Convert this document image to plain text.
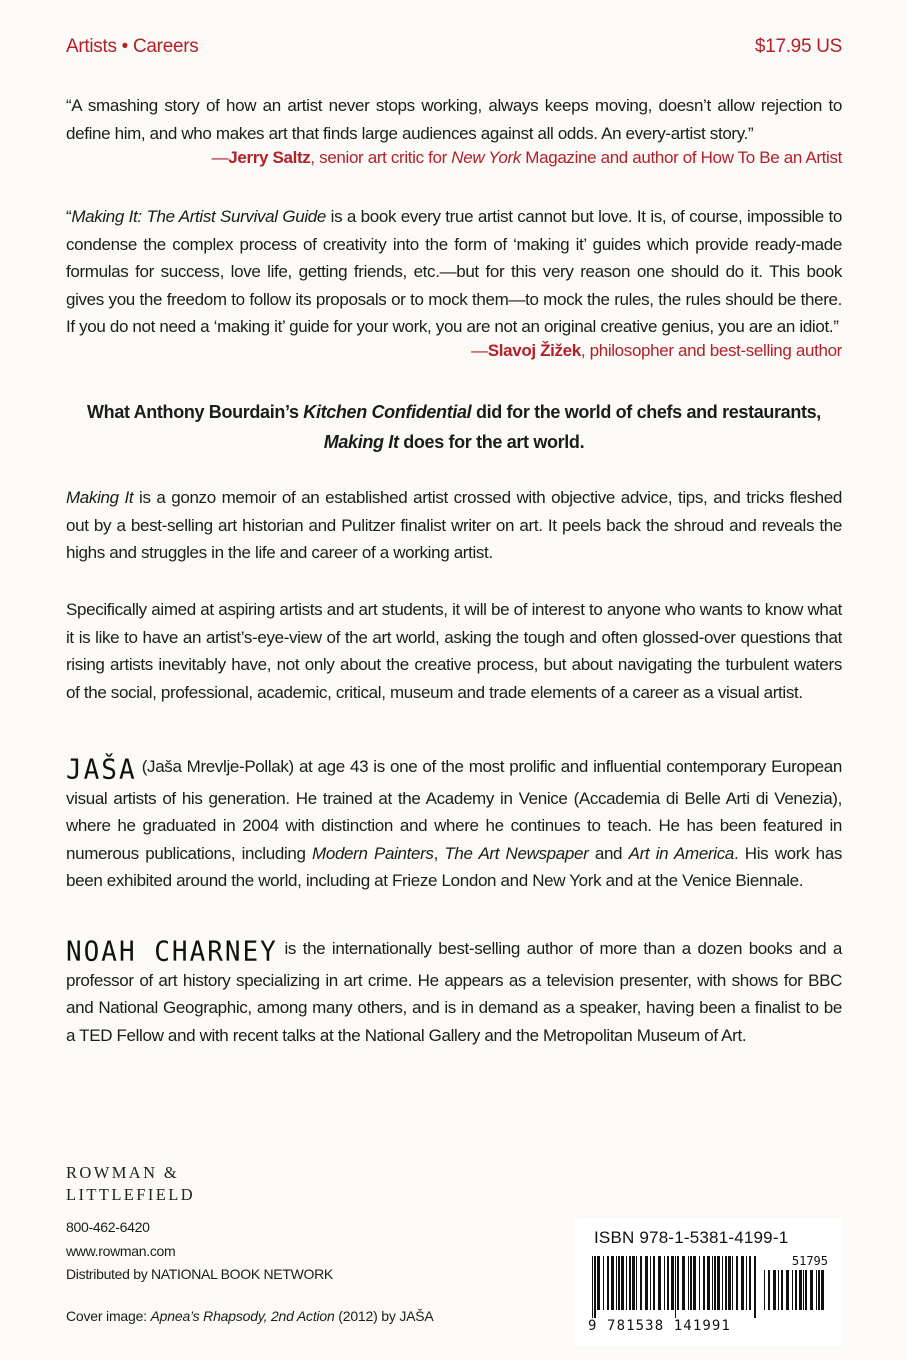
Artists • Careers	$17.95 US
“A smashing story of how an artist never stops working, always keeps moving, doesn’t allow rejection to define him, and who makes art that finds large audiences against all odds. An every-artist story.”
—Jerry Saltz, senior art critic for New York Magazine and author of How To Be an Artist
“Making It: The Artist Survival Guide is a book every true artist cannot but love. It is, of course, impossible to condense the complex process of creativity into the form of ‘making it’ guides which provide ready-made formulas for success, love life, getting friends, etc.—but for this very reason one should do it. This book gives you the freedom to follow its proposals or to mock them—to mock the rules, the rules should be there. If you do not need a ‘making it’ guide for your work, you are not an original creative genius, you are an idiot.”
—Slavoj Žižek, philosopher and best-selling author
What Anthony Bourdain’s Kitchen Confidential did for the world of chefs and restaurants,
Making It does for the art world.
Making It is a gonzo memoir of an established artist crossed with objective advice, tips, and tricks fleshed out by a best-selling art historian and Pulitzer finalist writer on art. It peels back the shroud and reveals the highs and struggles in the life and career of a working artist.
Specifically aimed at aspiring artists and art students, it will be of interest to anyone who wants to know what it is like to have an artist’s-eye-view of the art world, asking the tough and often glossed-over questions that rising artists inevitably have, not only about the creative process, but about navigating the turbulent waters of the social, professional, academic, critical, museum and trade elements of a career as a visual artist.
JAŠA (Jaša Mrevlje-Pollak) at age 43 is one of the most prolific and influential contemporary European visual artists of his generation. He trained at the Academy in Venice (Accademia di Belle Arti di Venezia), where he graduated in 2004 with distinction and where he continues to teach. He has been featured in numerous publications, including Modern Painters, The Art Newspaper and Art in America. His work has been exhibited around the world, including at Frieze London and New York and at the Venice Biennale.
NOAH CHARNEY is the internationally best-selling author of more than a dozen books and a professor of art history specializing in art crime. He appears as a television presenter, with shows for BBC and National Geographic, among many others, and is in demand as a speaker, having been a finalist to be a TED Fellow and with recent talks at the National Gallery and the Metropolitan Museum of Art.
ROWMAN &
LITTLEFIELD
800-462-6420
www.rowman.com
Distributed by NATIONAL BOOK NETWORK
Cover image: Apnea’s Rhapsody, 2nd Action (2012) by JAŠA
ISBN 978-1-5381-4199-1
51795
9 781538 141991
